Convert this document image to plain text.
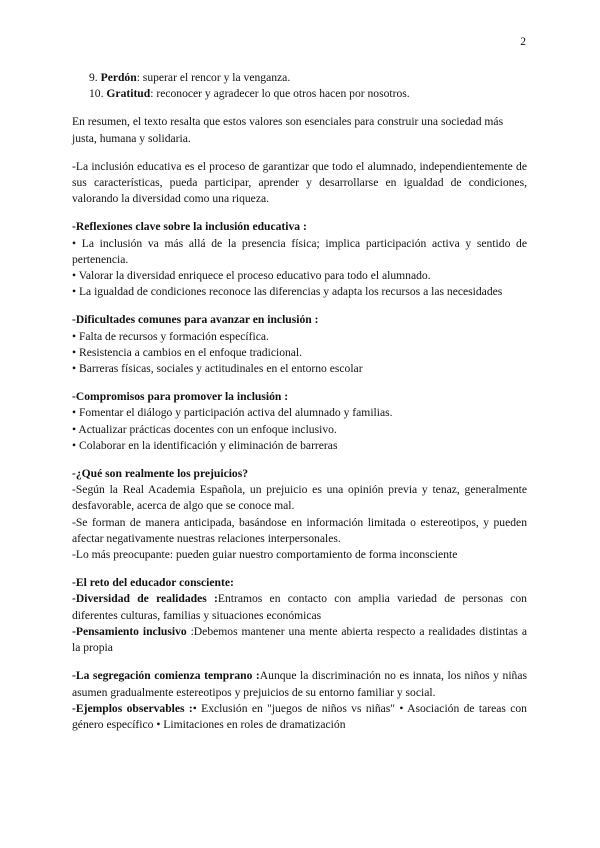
2
9. Perdón: superar el rencor y la venganza.
10. Gratitud: reconocer y agradecer lo que otros hacen por nosotros.

En resumen, el texto resalta que estos valores son esenciales para construir una sociedad más justa, humana y solidaria.

-La inclusión educativa es el proceso de garantizar que todo el alumnado, independientemente de sus características, pueda participar, aprender y desarrollarse en igualdad de condiciones, valorando la diversidad como una riqueza.

-Reflexiones clave sobre la inclusión educativa :

• La inclusión va más allá de la presencia física; implica participación activa y sentido de pertenencia.

• Valorar la diversidad enriquece el proceso educativo para todo el alumnado.

• La igualdad de condiciones reconoce las diferencias y adapta los recursos a las necesidades

-Dificultades comunes para avanzar en inclusión :

• Falta de recursos y formación específica.

• Resistencia a cambios en el enfoque tradicional.

• Barreras físicas, sociales y actitudinales en el entorno escolar

-Compromisos para promover la inclusión :

• Fomentar el diálogo y participación activa del alumnado y familias.

• Actualizar prácticas docentes con un enfoque inclusivo.

• Colaborar en la identificación y eliminación de barreras

-¿Qué son realmente los prejuicios?

-Según la Real Academia Española, un prejuicio es una opinión previa y tenaz, generalmente desfavorable, acerca de algo que se conoce mal.

-Se forman de manera anticipada, basándose en información limitada o estereotipos, y pueden afectar negativamente nuestras relaciones interpersonales.

-Lo más preocupante: pueden guiar nuestro comportamiento de forma inconsciente

-El reto del educador consciente:

-Diversidad de realidades :Entramos en contacto con amplia variedad de personas con diferentes culturas, familias y situaciones económicas

-Pensamiento inclusivo :Debemos mantener una mente abierta respecto a realidades distintas a la propia

-La segregación comienza temprano :Aunque la discriminación no es innata, los niños y niñas asumen gradualmente estereotipos y prejuicios de su entorno familiar y social.

-Ejemplos observables :• Exclusión en "juegos de niños vs niñas" • Asociación de tareas con género específico • Limitaciones en roles de dramatización
